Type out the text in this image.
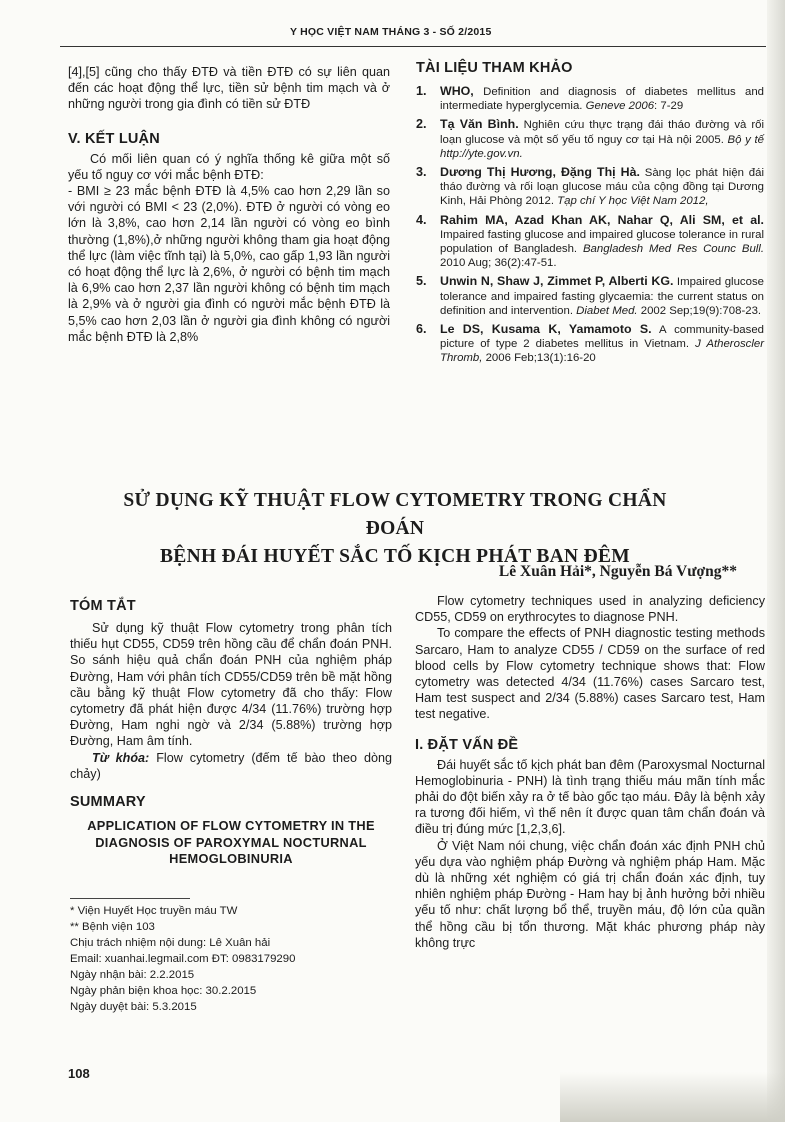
Y HỌC VIỆT NAM THÁNG 3 - SỐ 2/2015

[4],[5] cũng cho thấy ĐTĐ và tiền ĐTĐ có sự liên quan đến các hoạt động thể lực, tiền sử bệnh tim mạch và ở những người trong gia đình có tiền sử ĐTĐ

V. KẾT LUẬN

Có mối liên quan có ý nghĩa thống kê giữa một số yếu tố nguy cơ với mắc bệnh ĐTĐ:

- BMI ≥ 23 mắc bệnh ĐTĐ là 4,5% cao hơn 2,29 lần so với người có BMI < 23 (2,0%). ĐTĐ ở người có vòng eo lớn là 3,8%, cao hơn 2,14 lần người có vòng eo bình thường (1,8%),ở những người không tham gia hoạt động thể lực (làm việc tĩnh tại) là 5,0%, cao gấp 1,93 lần người có hoạt động thể lực là 2,6%, ở người có bệnh tim mạch là 6,9% cao hơn 2,37 lần người không có bệnh tim mạch là 2,9% và ở người gia đình có người mắc bệnh ĐTĐ là 5,5% cao hơn 2,03 lần ở người gia đình không có người mắc bệnh ĐTĐ là 2,8%

TÀI LIỆU THAM KHẢO

1. WHO, Definition and diagnosis of diabetes mellitus and intermediate hyperglycemia. Geneve 2006: 7-29
2. Tạ Văn Bình. Nghiên cứu thực trạng đái tháo đường và rối loạn glucose và một số yếu tố nguy cơ tại Hà nội 2005. Bộ y tế http://yte.gov.vn.
3. Dương Thị Hương, Đặng Thị Hà. Sàng lọc phát hiện đái tháo đường và rối loạn glucose máu của cộng đồng tại Dương Kinh, Hải Phòng 2012. Tạp chí Y học Việt Nam 2012,
4. Rahim MA, Azad Khan AK, Nahar Q, Ali SM, et al. Impaired fasting glucose and impaired glucose tolerance in rural population of Bangladesh. Bangladesh Med Res Counc Bull. 2010 Aug; 36(2):47-51.
5. Unwin N, Shaw J, Zimmet P, Alberti KG. Impaired glucose tolerance and impaired fasting glycaemia: the current status on definition and intervention. Diabet Med. 2002 Sep;19(9):708-23.
6. Le DS, Kusama K, Yamamoto S. A community-based picture of type 2 diabetes mellitus in Vietnam. J Atheroscler Thromb, 2006 Feb;13(1):16-20
SỬ DỤNG KỸ THUẬT FLOW CYTOMETRY TRONG CHẨN ĐOÁN
BỆNH ĐÁI HUYẾT SẮC TỐ KỊCH PHÁT BAN ĐÊM
Lê Xuân Hải*, Nguyễn Bá Vượng**

TÓM TẮT

Sử dụng kỹ thuật Flow cytometry trong phân tích thiếu hụt CD55, CD59 trên hồng cầu để chẩn đoán PNH. So sánh hiệu quả chẩn đoán PNH của nghiệm pháp Đường, Ham với phân tích CD55/CD59 trên bề mặt hồng cầu bằng kỹ thuật Flow cytometry đã cho thấy: Flow cytometry đã phát hiện được 4/34 (11.76%) trường hợp Đường, Ham nghi ngờ và 2/34 (5.88%) trường hợp Đường, Ham âm tính.

Từ khóa: Flow cytometry (đếm tế bào theo dòng chảy)

SUMMARY

APPLICATION OF FLOW CYTOMETRY IN THE DIAGNOSIS OF PAROXYMAL NOCTURNAL HEMOGLOBINURIA

* Viện Huyết Học truyền máu TW

** Bệnh viện 103

Chịu trách nhiệm nội dung: Lê Xuân hải

Email: xuanhai.legmail.com ĐT: 0983179290

Ngày nhận bài: 2.2.2015

Ngày phản biện khoa học: 30.2.2015

Ngày duyệt bài: 5.3.2015

Flow cytometry techniques used in analyzing deficiency CD55, CD59 on erythrocytes to diagnose PNH.

To compare the effects of PNH diagnostic testing methods Sarcaro, Ham to analyze CD55 / CD59 on the surface of red blood cells by Flow cytometry technique shows that: Flow cytometry was detected 4/34 (11.76%) cases Sarcaro test, Ham test suspect and 2/34 (5.88%) cases Sarcaro test, Ham test negative.

I. ĐẶT VẤN ĐỀ

Đái huyết sắc tố kịch phát ban đêm (Paroxysmal Nocturnal Hemoglobinuria - PNH) là tình trạng thiếu máu mãn tính mắc phải do đột biến xảy ra ở tế bào gốc tạo máu. Đây là bệnh xảy ra tương đối hiếm, vì thế nên ít được quan tâm chẩn đoán và điều trị đúng mức [1,2,3,6].

Ở Việt Nam nói chung, việc chẩn đoán xác định PNH chủ yếu dựa vào nghiệm pháp Đường và nghiệm pháp Ham. Mặc dù là những xét nghiệm có giá trị chẩn đoán xác định, tuy nhiên nghiệm pháp Đường - Ham hay bị ảnh hưởng bởi nhiều yếu tố như: chất lượng bổ thể, truyền máu, độ lớn của quần thể hồng cầu bị tổn thương. Mặt khác phương pháp này không trực

108
